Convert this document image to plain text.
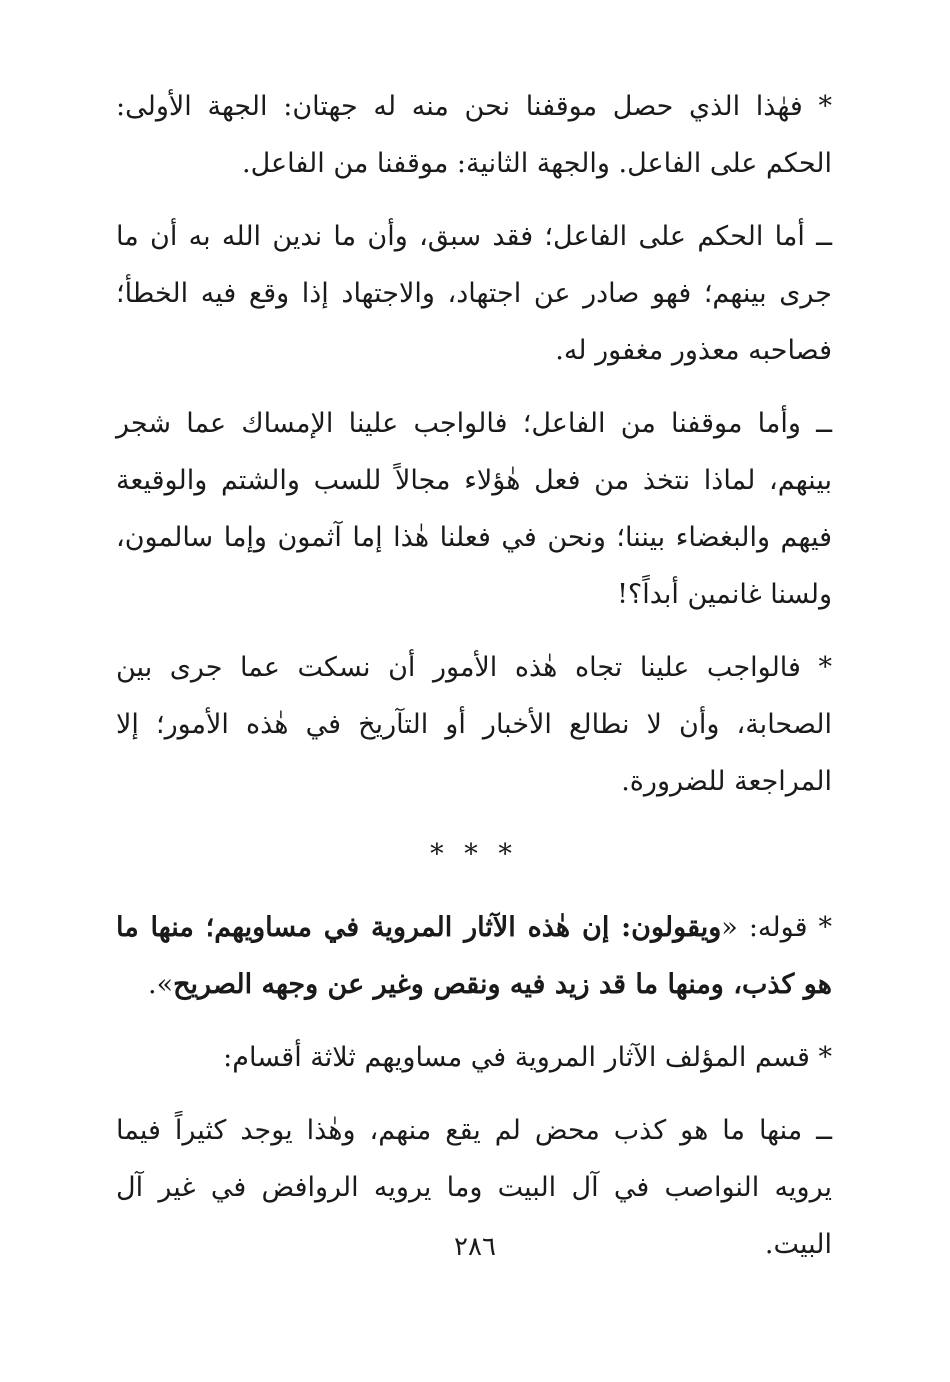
* فهٰذا الذي حصل موقفنا نحن منه له جهتان: الجهة الأولى: الحكم على الفاعل. والجهة الثانية: موقفنا من الفاعل.

ــ أما الحكم على الفاعل؛ فقد سبق، وأن ما ندين الله به أن ما جرى بينهم؛ فهو صادر عن اجتهاد، والاجتهاد إذا وقع فيه الخطأ؛ فصاحبه معذور مغفور له.

ــ وأما موقفنا من الفاعل؛ فالواجب علينا الإمساك عما شجر بينهم، لماذا نتخذ من فعل هٰؤلاء مجالاً للسب والشتم والوقيعة فيهم والبغضاء بيننا؛ ونحن في فعلنا هٰذا إما آثمون وإما سالمون، ولسنا غانمين أبداً؟!

* فالواجب علينا تجاه هٰذه الأمور أن نسكت عما جرى بين الصحابة، وأن لا نطالع الأخبار أو التآريخ في هٰذه الأمور؛ إلا المراجعة للضرورة.

* * *

* قوله: «ويقولون: إن هٰذه الآثار المروية في مساويهم؛ منها ما هو كذب، ومنها ما قد زيد فيه ونقص وغير عن وجهه الصريح».

* قسم المؤلف الآثار المروية في مساويهم ثلاثة أقسام:

ــ منها ما هو كذب محض لم يقع منهم، وهٰذا يوجد كثيراً فيما يرويه النواصب في آل البيت وما يرويه الروافض في غير آل البيت.

٢٨٦
